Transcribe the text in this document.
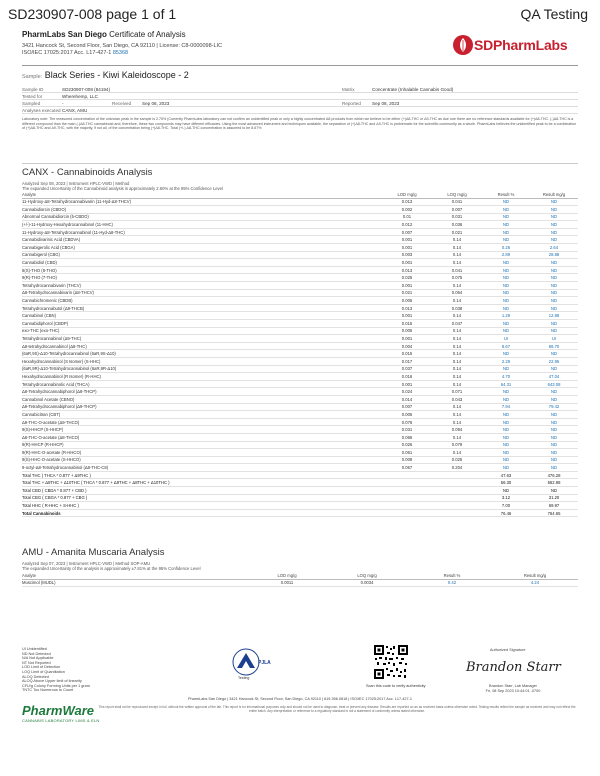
SD230907-008 page 1 of 1	QA Testing
PharmLabs San Diego Certificate of Analysis
3421 Hancock St, Second Floor, San Diego, CA 92110 | License: C8-0000098-LIC
ISO/IEC 17025:2017 Acc. L17-427-1 85368	SDPharmLabs
Sample: Black Series - Kiwi Kaleidoscope - 2
Sample ID	SD230907-008 (84194)	Matrix	Concentrate (Inhalable Cannabis Good)
Tested for	Wherehemp, LLC
Sampled	-	Received	Sep 06, 2023	Reported	Sep 08, 2023
Analyses executed CANX, AMU
Laboratory note: The measured concentration of the unknown peak in the sample is 2.75% (Currently PharmLabs laboratory can not confirm an unidentified peak or only a highly concentrated Δ8 products from which we believe to be either (+)Δ8-THC or Δ9-THC as due one there are no reference standards available for (+)Δ8-THC. (-)Δ8-THC is a different compound than the main (-)Δ8-THC cannabinoid and, therefore, these two compounds may have different efficacies. Using the most advanced instrument and techniques available, the separation of (+)Δ8-THC and Δ9-THC is problematic for the scientific community as a whole. PharmLabs believes the unidentified peak to be a combination of (+)Δ8-THC and Δ9-THC, with the majority, if not all, of the concentration being (+)Δ8-THC. Total (+/-) Δ8-THC concentration is assumed to be 8.67%
CANX - Cannabinoids Analysis
Analyzed Sep 08, 2023 | Instrument HPLC-VWD | Method
The expanded Uncertainty of the Cannabinoid analysis is approximately 2.60% at the 95% Confidence Level
Analyte	LOD mg/g	LOQ mg/g	Result %	Result mg/g
11-Hydroxy-Δ8-Tetrahydrocannabivarin (11-Hyd-Δ8-THCV)	0.013	0.041	ND	ND
Cannabidiorcin (CBDO)	0.002	0.007	ND	ND
Abnormal Cannabidiorcin (b-CBDO)	0.01	0.031	ND	ND
(+/-)-11-Hydroxy-Hexahydrocannabinol (11-HHC)	0.012	0.036	ND	ND
11-Hydroxy-Δ8-Tetrahydrocannabinol (11-Hyd-Δ8-THC)	0.007	0.021	ND	ND
Cannabidivarinic Acid (CBDVA)	0.001	0.14	ND	ND
Cannabigerolic Acid (CBGA)	0.001	0.14	0.26	2.64
Cannabigerol (CBG)	0.003	0.14	2.89	28.88
Cannabidiol (CBD)	0.001	0.14	ND	ND
8(S)-THO (8-THO)	0.013	0.041	ND	ND
9(R)-THO (7-THO)	0.025	0.075	ND	ND
Tetrahydrocannabivarin (THCV)	0.001	0.14	ND	ND
Δ8-Tetrahydrocannabivarin (Δ8-THCV)	0.021	0.064	ND	ND
Cannabichromenic (CBDB)	0.005	0.14	ND	ND
Tetrahydrocannabutol (Δ9-THCB)	0.013	0.038	ND	ND
Cannabinol (CBN)	0.001	0.14	1.29	12.88
Cannabidiphorol (CBDP)	0.015	0.047	ND	ND
exo-THC (exo-THC)	0.005	0.14	ND	ND
Tetrahydrocannabinol (Δ9-THC)	0.001	0.14	UI	UI
Δ8-tetrahydrocannabinol (Δ8-THC)	0.004	0.14	8.67	86.70
(6aR,9S)-Δ10-Tetrahydrocannabinol (6aR,9S-Δ10)	0.015	0.14	ND	ND
Hexahydrocannabinol (S Isomer) (S-HHC)	0.017	0.14	2.29	22.95
(6aR,9R)-Δ10-Tetrahydrocannabinol (6aR,9R-Δ10)	0.037	0.14	ND	ND
Hexahydrocannabinol (R Isomer) (R-HHC)	0.016	0.14	4.70	47.04
Tetrahydrocannabinolic Acid (THCA)	0.001	0.14	64.31	643.08
Δ8-Tetrahydrocannabiphorol (Δ8-THCP)	0.024	0.071	ND	ND
Cannabinol Acetate (CBNO)	0.014	0.043	ND	ND
Δ9-Tetrahydrocannabiphorol (Δ9-THCP)	0.007	0.14	7.94	79.42
Cannabicitran (CBT)	0.005	0.14	ND	ND
Δ9-THC-O-acetate (Δ9-THCO)	0.076	0.14	ND	ND
9(S)-HHCP (S-HHCP)	0.031	0.094	ND	ND
Δ8-THC-O-acetate (Δ8-THCO)	0.066	0.14	ND	ND
9(R)-HHCP (R-HHCP)	0.026	0.079	ND	ND
9(R)-HHC-O-acetate (R-HHCO)	0.061	0.14	ND	ND
9(S)-HHC-O-acetate (S-HHCO)	0.008	0.025	ND	ND
9-octyl-Δ8-Tetrahydrocannabinol (Δ8-THC-C8)	0.067	0.204	ND	ND
Total THC ( THCA * 0.877 + Δ9THC )			47.63	476.28
Total THC + Δ8THC + Δ10THC ( THCA * 0.877 + Δ9THC + Δ8THC + Δ10THC )			56.30	562.98
Total CBD ( CBDA * 0.877 + CBD )			ND	ND
Total CBG ( CBGA * 0.877 + CBG )			3.12	31.20
Total HHC ( R-HHC + S-HHC )			7.00	69.97
Total Cannabinoids			76.46	764.65
AMU - Amanita Muscaria Analysis
Analyzed Sep 07, 2023 | Instrument HPLC-VWD | Method SOP-AMU
The expanded Uncertainty of the analysis is approximately ±7.81% at the 95% Confidence Level
Analyte	LOD mg/g	LOQ mg/g	Result %	Result mg/g
Muscimol (MUDL)	0.0011	0.0034	0.42	4.24
UI Unidentified
ND Not Detected
N/A Not Applicable
NT Not Reported
LOD Limit of Detection
LOQ Limit of Quantitation
ALOQ Detected
ALOQ Above Upper limit of linearity
CFU/g Colony Forming Units per 1 gram
TNTC Too Numerous to Count
PharmWare
CANNABIS LABORATORY LIMS & ELN
PJLA
Testing
Scan this code to verify authenticity
Authorized Signature
Brandon Starr
Brandon Starr, Lab Manager
Fri, 08 Sep 2023 10:44:01 -0700
PharmLabs San Diego | 3421 Hancock St, Second Floor, San Diego, CA 92110 | 619.356.0818 | ISO/IEC 17025:2017 Acc. L17-427-1
This report shall not be reproduced except in full, without the written approval of the lab. This report is for informational purposes only and should not be used to diagnose, treat or prevent any disease. Results are reported on an as received basis unless otherwise noted. Testing results reflect the sample as received and may not reflect the entire batch. Any interpretation or reference to a regulatory standard is not a statement of conformity unless stated otherwise.
